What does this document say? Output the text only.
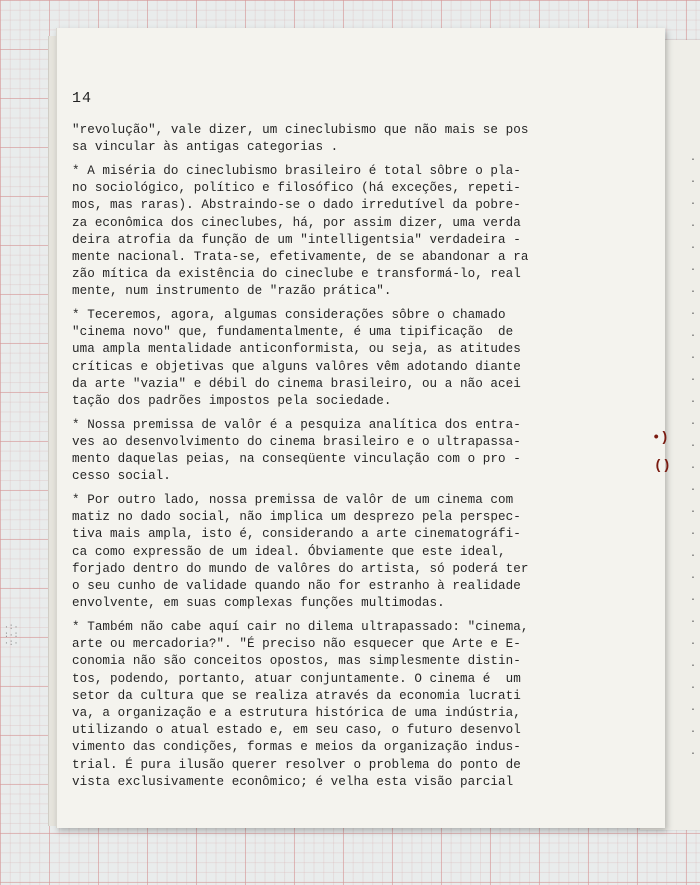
14
"revolução", vale dizer, um cineclubismo que não mais se pos
sa vincular às antigas categorias .
* A miséria do cineclubismo brasileiro é total sôbre o pla-
no sociológico, político e filosófico (há exceções, repeti-
mos, mas raras). Abstraindo-se o dado irredutível da pobre-
za econômica dos cineclubes, há, por assim dizer, uma verda
deira atrofia da função de um "intelligentsia" verdadeira -
mente nacional. Trata-se, efetivamente, de se abandonar a ra
zão mítica da existência do cineclube e transformá-lo, real
mente, num instrumento de "razão prática".
* Teceremos, agora, algumas considerações sôbre o chamado
"cinema novo" que, fundamentalmente, é uma tipificação  de
uma ampla mentalidade anticonformista, ou seja, as atitudes
críticas e objetivas que alguns valôres vêm adotando diante
da arte "vazia" e débil do cinema brasileiro, ou a não acei
tação dos padrões impostos pela sociedade.
* Nossa premissa de valôr é a pesquiza analítica dos entra-
ves ao desenvolvimento do cinema brasileiro e o ultrapassa-
mento daquelas peias, na conseqüente vinculação com o pro -
cesso social.
* Por outro lado, nossa premissa de valôr de um cinema com
matiz no dado social, não implica um desprezo pela perspec-
tiva mais ampla, isto é, considerando a arte cinematográfi-
ca como expressão de um ideal. Óbviamente que este ideal,
forjado dentro do mundo de valôres do artista, só poderá ter
o seu cunho de validade quando não for estranho à realidade
envolvente, em suas complexas funções multimodas.
* Também não cabe aquí cair no dilema ultrapassado: "cinema,
arte ou mercadoria?". "É preciso não esquecer que Arte e E-
conomia não são conceitos opostos, mas simplesmente distin-
tos, podendo, portanto, atuar conjuntamente. O cinema é  um
setor da cultura que se realiza através da economia lucrati
va, a organização e a estrutura histórica de uma indústria,
utilizando o atual estado e, em seu caso, o futuro desenvol
vimento das condições, formas e meios da organização indus-
trial. É pura ilusão querer resolver o problema do ponto de
vista exclusivamente econômico; é velha esta visão parcial
·:·
:·:
·:·
•)
()
·
·
·
·
·
·
·
·
·
·
·
·
·
·
·
·
·
·
·
·
·
·
·
·
·
·
·
·
